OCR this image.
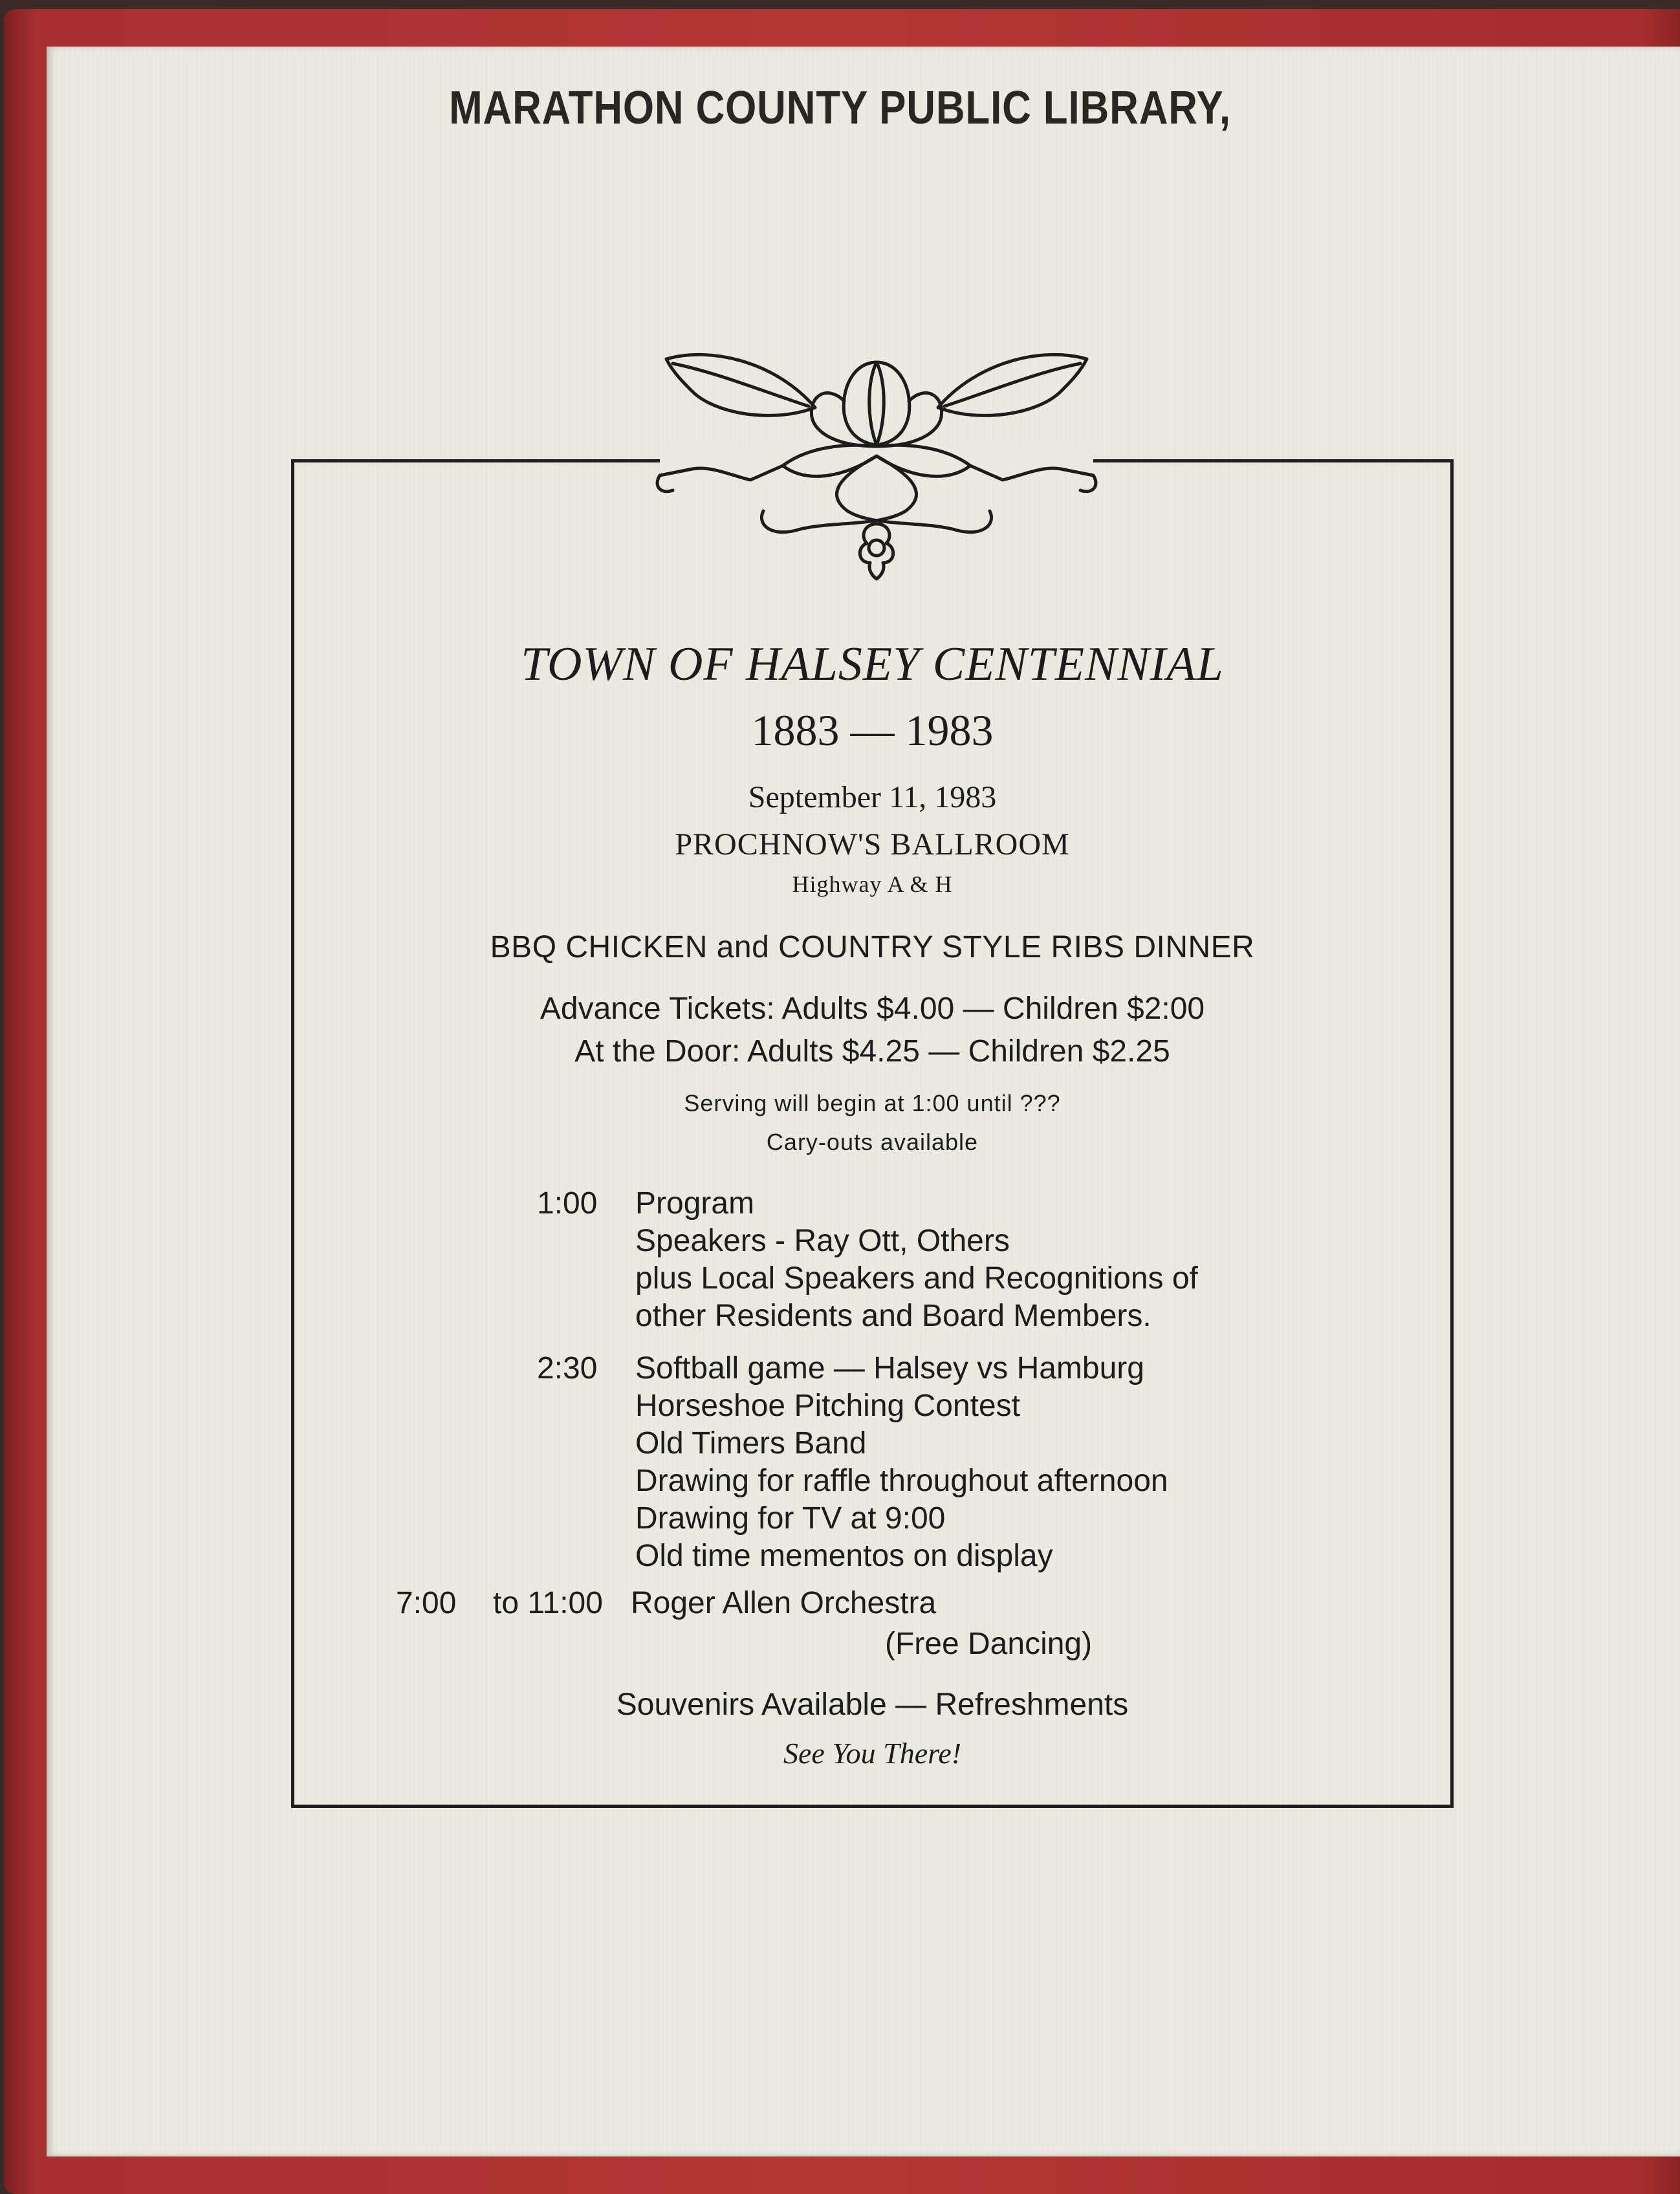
MARATHON COUNTY PUBLIC LIBRARY,
TOWN OF HALSEY CENTENNIAL
1883 — 1983
September 11, 1983
PROCHNOW'S BALLROOM
Highway A & H
BBQ CHICKEN and COUNTRY STYLE RIBS DINNER
Advance Tickets: Adults $4.00 — Children $2:00
At the Door: Adults $4.25 — Children $2.25
Serving will begin at 1:00 until ???
Cary-outs available
1:00 Program
Speakers - Ray Ott, Others
plus Local Speakers and Recognitions of
other Residents and Board Members.
2:30 Softball game — Halsey vs Hamburg
Horseshoe Pitching Contest
Old Timers Band
Drawing for raffle throughout afternoon
Drawing for TV at 9:00
Old time mementos on display
7:00 to 11:00 Roger Allen Orchestra
(Free Dancing)
Souvenirs Available — Refreshments
See You There!
